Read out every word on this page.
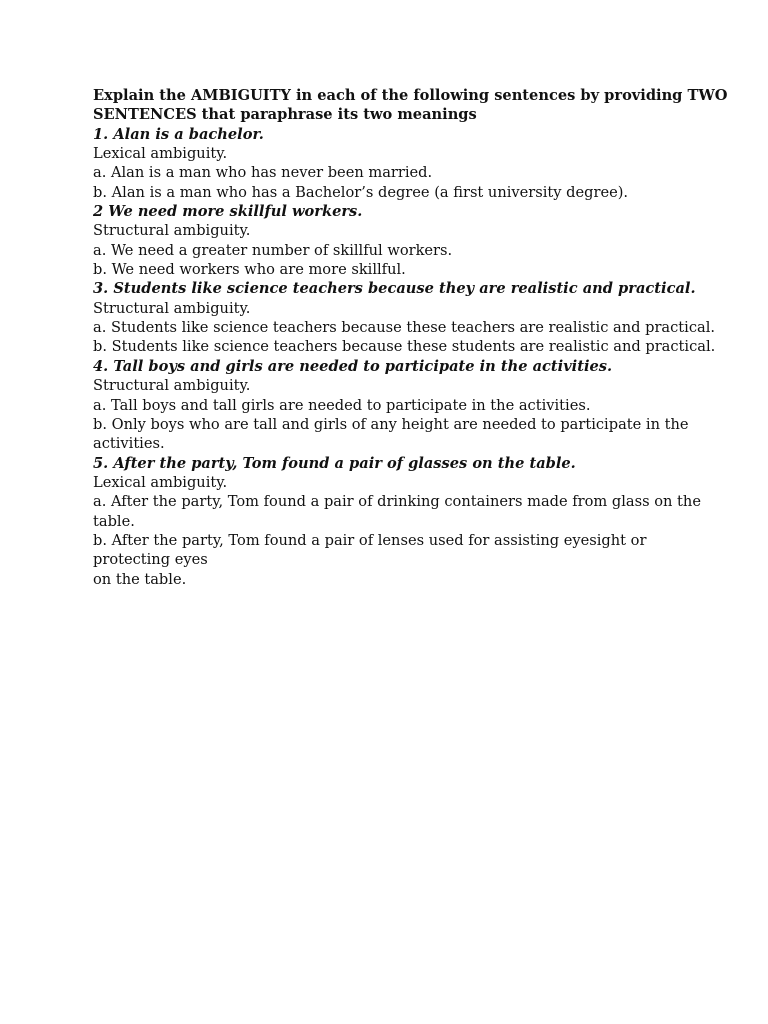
Explain the AMBIGUITY in each of the following sentences by providing TWO
SENTENCES that paraphrase its two meanings
1. Alan is a bachelor.
Lexical ambiguity.
a. Alan is a man who has never been married.
b. Alan is a man who has a Bachelor’s degree (a first university degree).
2 We need more skillful workers.
Structural ambiguity.
a. We need a greater number of skillful workers.
b. We need workers who are more skillful.
3. Students like science teachers because they are realistic and practical.
Structural ambiguity.
a. Students like science teachers because these teachers are realistic and practical.
b. Students like science teachers because these students are realistic and practical.
4. Tall boys and girls are needed to participate in the activities.
Structural ambiguity.
a. Tall boys and tall girls are needed to participate in the activities.
b. Only boys who are tall and girls of any height are needed to participate in the
activities.
5. After the party, Tom found a pair of glasses on the table.
Lexical ambiguity.
a. After the party, Tom found a pair of drinking containers made from glass on the
table.
b. After the party, Tom found a pair of lenses used for assisting eyesight or
protecting eyes
on the table.
